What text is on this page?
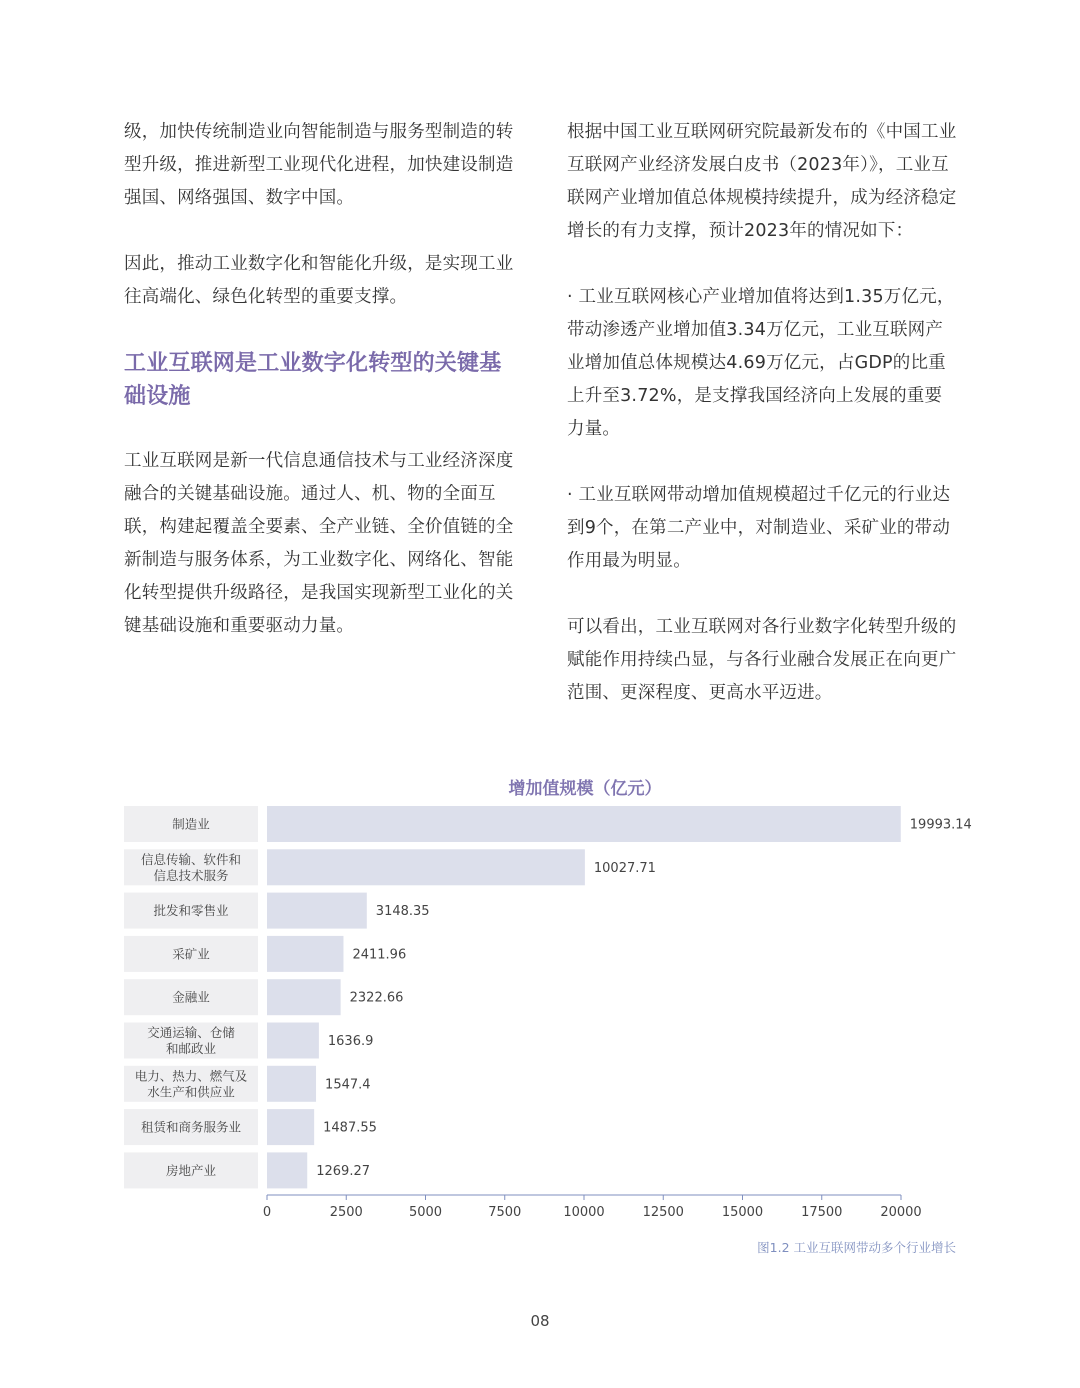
级，加快传统制造业向智能制造与服务型制造的转型升级，推进新型工业现代化进程，加快建设制造强国、网络强国、数字中国。

因此，推动工业数字化和智能化升级，是实现工业往高端化、绿色化转型的重要支撑。

工业互联网是工业数字化转型的关键基础设施

工业互联网是新一代信息通信技术与工业经济深度融合的关键基础设施。通过人、机、物的全面互联，构建起覆盖全要素、全产业链、全价值链的全新制造与服务体系，为工业数字化、网络化、智能化转型提供升级路径，是我国实现新型工业化的关键基础设施和重要驱动力量。

根据中国工业互联网研究院最新发布的《中国工业互联网产业经济发展白皮书（2023年）》，工业互联网产业增加值总体规模持续提升，成为经济稳定增长的有力支撑，预计2023年的情况如下：

· 工业互联网核心产业增加值将达到1.35万亿元，带动渗透产业增加值3.34万亿元，工业互联网产业增加值总体规模达4.69万亿元，占GDP的比重上升至3.72%，是支撑我国经济向上发展的重要力量。

· 工业互联网带动增加值规模超过千亿元的行业达到9个，在第二产业中，对制造业、采矿业的带动作用最为明显。

可以看出，工业互联网对各行业数字化转型升级的赋能作用持续凸显，与各行业融合发展正在向更广范围、更深程度、更高水平迈进。

增加值规模（亿元）
制造业	19993.14
信息传输、软件和
信息技术服务	10027.71
批发和零售业	3148.35
采矿业	2411.96
金融业	2322.66
交通运输、仓储
和邮政业	1636.9
电力、热力、燃气及
水生产和供应业	1547.4
租赁和商务服务业	1487.55
房地产业	1269.27
0	2500	5000	7500	10000	12500	15000	17500	20000
图1.2 工业互联网带动多个行业增长
08
